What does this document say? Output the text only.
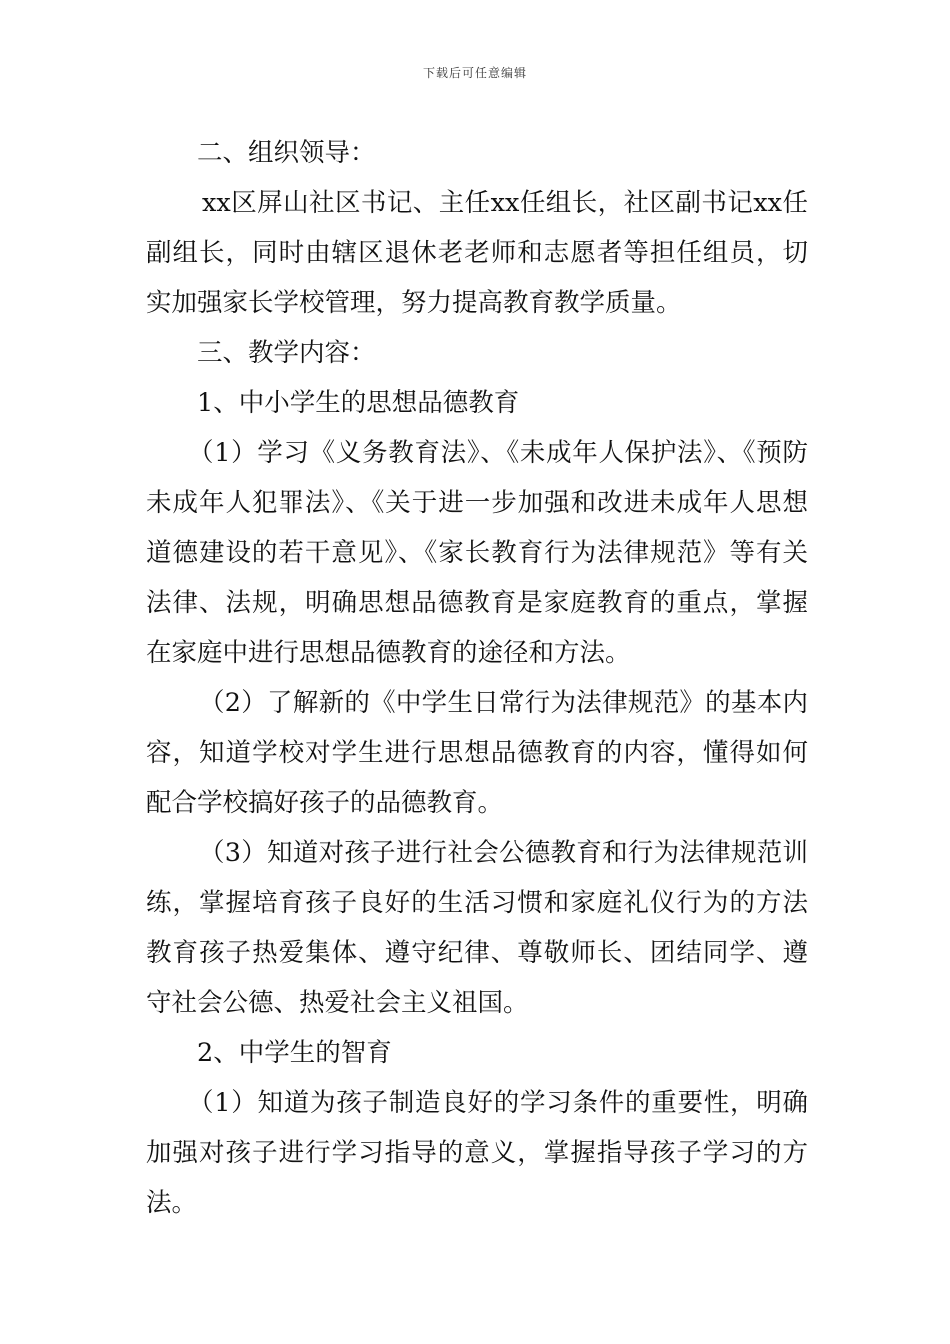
下载后可任意编辑

二、组织领导：

xx区屏山社区书记、主任xx任组长，社区副书记xx任副组长，同时由辖区退休老老师和志愿者等担任组员，切实加强家长学校管理，努力提高教育教学质量。

三、教学内容：

1、中小学生的思想品德教育

（1）学习《义务教育法》、《未成年人保护法》、《预防未成年人犯罪法》、《关于进一步加强和改进未成年人思想道德建设的若干意见》、《家长教育行为法律规范》等有关法律、法规，明确思想品德教育是家庭教育的重点，掌握在家庭中进行思想品德教育的途径和方法。

（2）了解新的《中学生日常行为法律规范》的基本内容，知道学校对学生进行思想品德教育的内容，懂得如何配合学校搞好孩子的品德教育。

（3）知道对孩子进行社会公德教育和行为法律规范训练，掌握培育孩子良好的生活习惯和家庭礼仪行为的方法教育孩子热爱集体、遵守纪律、尊敬师长、团结同学、遵守社会公德、热爱社会主义祖国。

2、中学生的智育

（1）知道为孩子制造良好的学习条件的重要性，明确加强对孩子进行学习指导的意义，掌握指导孩子学习的方法。
